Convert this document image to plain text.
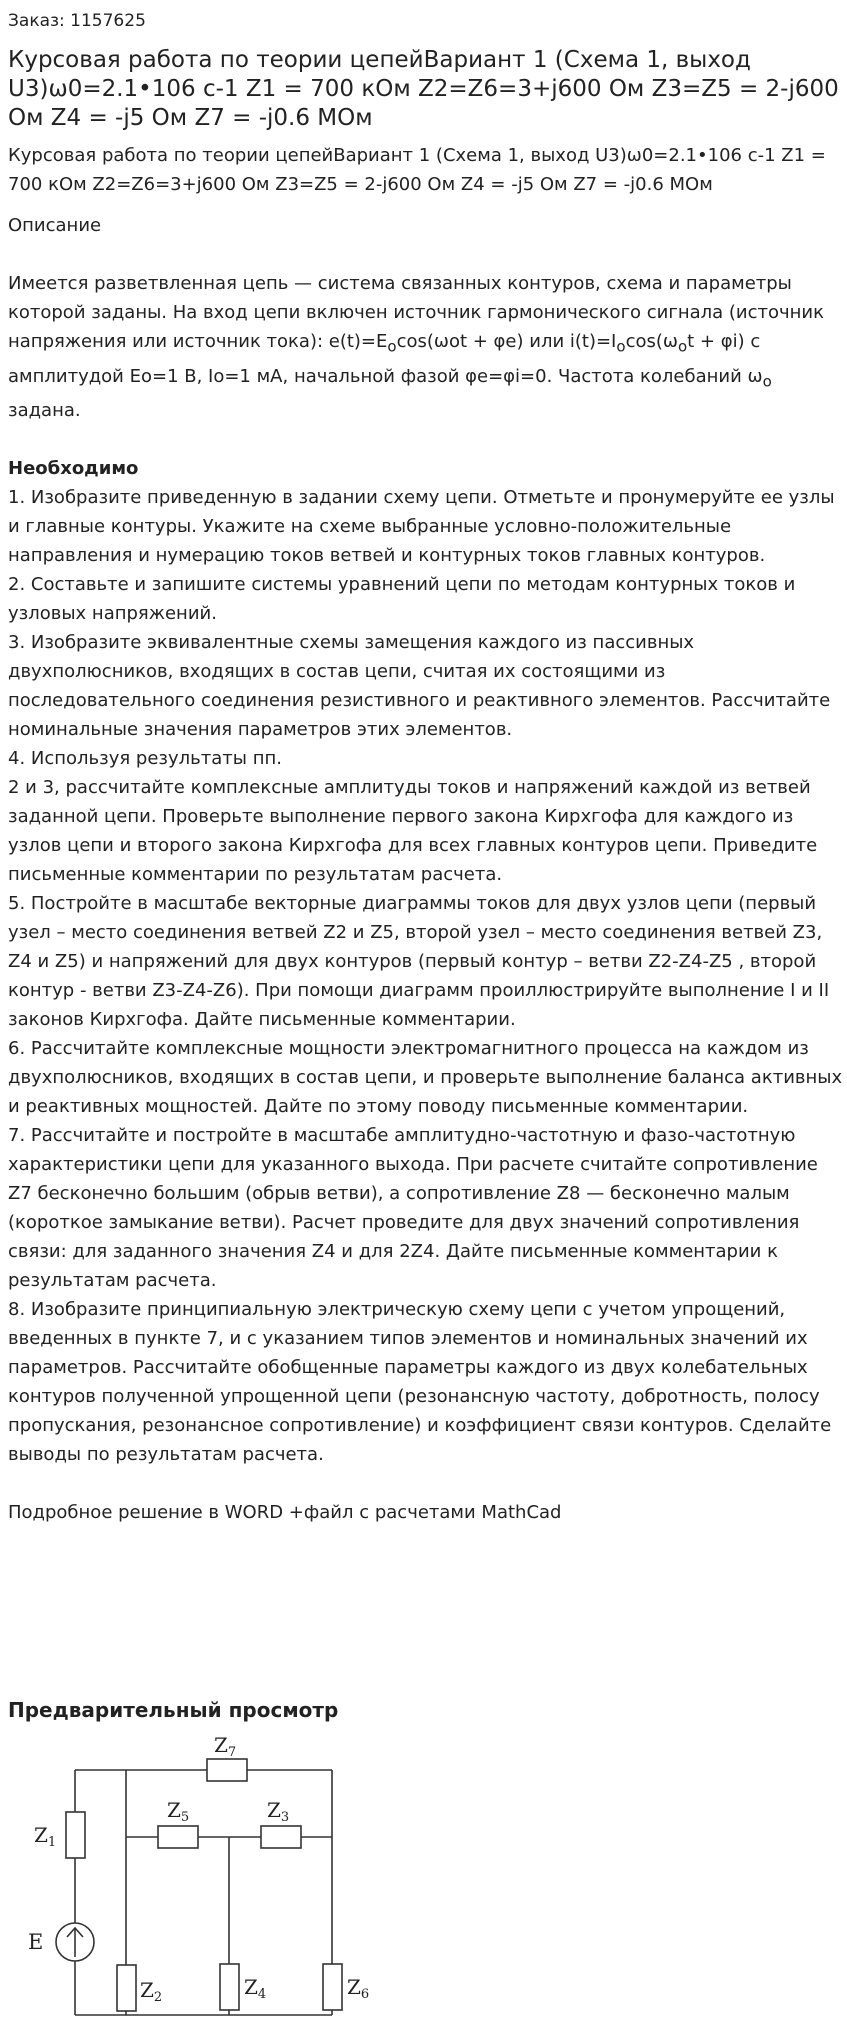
Заказ: 1157625
Курсовая работа по теории цепейВариант 1 (Схема 1, выход U3)ω0=2.1•106 с-1 Z1 = 700 кОм Z2=Z6=3+j600 Ом Z3=Z5 = 2-j600 Ом Z4 = -j5 Ом Z7 = -j0.6 МОм
Курсовая работа по теории цепейВариант 1 (Схема 1, выход U3)ω0=2.1•106 с-1 Z1 = 700 кОм Z2=Z6=3+j600 Ом Z3=Z5 = 2-j600 Ом Z4 = -j5 Ом Z7 = -j0.6 МОм
Описание

Имеется разветвленная цепь — система связанных контуров, схема и параметры которой заданы. На вход цепи включен источник гармонического сигнала (источник напряжения или источник тока): $e(t)=E_o\cos(\omega ot + \varphi e)$ или $i(t)=I_o\cos(\omega_ot + \varphi i)$ с амплитудой Eo=1 В, Io=1 мА, начальной фазой φe=φi=0. Частота колебаний $\omega_o$ задана.

Необходимо

1. Изобразите приведенную в задании схему цепи. Отметьте и пронумеруйте ее узлы и главные контуры. Укажите на схеме выбранные условно-положительные направления и нумерацию токов ветвей и контурных токов главных контуров.

2. Составьте и запишите системы уравнений цепи по методам контурных токов и узловых напряжений.

3. Изобразите эквивалентные схемы замещения каждого из пассивных двухполюсников, входящих в состав цепи, считая их состоящими из последовательного соединения резистивного и реактивного элементов. Рассчитайте номинальные значения параметров этих элементов.

4. Используя результаты пп.

2 и 3, рассчитайте комплексные амплитуды токов и напряжений каждой из ветвей заданной цепи. Проверьте выполнение первого закона Кирхгофа для каждого из узлов цепи и второго закона Кирхгофа для всех главных контуров цепи. Приведите письменные комментарии по результатам расчета.

5. Постройте в масштабе векторные диаграммы токов для двух узлов цепи (первый узел – место соединения ветвей Z2 и Z5, второй узел – место соединения ветвей Z3, Z4 и Z5) и напряжений для двух контуров (первый контур – ветви Z2-Z4-Z5 , второй контур - ветви Z3-Z4-Z6). При помощи диаграмм проиллюстрируйте выполнение I и II законов Кирхгофа. Дайте письменные комментарии.

6. Рассчитайте комплексные мощности электромагнитного процесса на каждом из двухполюсников, входящих в состав цепи, и проверьте выполнение баланса активных и реактивных мощностей. Дайте по этому поводу письменные комментарии.

7. Рассчитайте и постройте в масштабе амплитудно-частотную и фазо-частотную характеристики цепи для указанного выхода. При расчете считайте сопротивление Z7 бесконечно большим (обрыв ветви), а сопротивление Z8 — бесконечно малым (короткое замыкание ветви). Расчет проведите для двух значений сопротивления связи: для заданного значения Z4 и для 2Z4. Дайте письменные комментарии к результатам расчета.

8. Изобразите принципиальную электрическую схему цепи с учетом упрощений, введенных в пункте 7, и с указанием типов элементов и номинальных значений их параметров. Рассчитайте обобщенные параметры каждого из двух колебательных контуров полученной упрощенной цепи (резонансную частоту, добротность, полосу пропускания, резонансное сопротивление) и коэффициент связи контуров. Сделайте выводы по результатам расчета.

Подробное решение в WORD +файл с расчетами MathCad

Предварительный просмотр
$Z_7$
$Z_1$
$Z_5$	$Z_3$
$Z_2$	$Z_4$	$Z_6$
E
